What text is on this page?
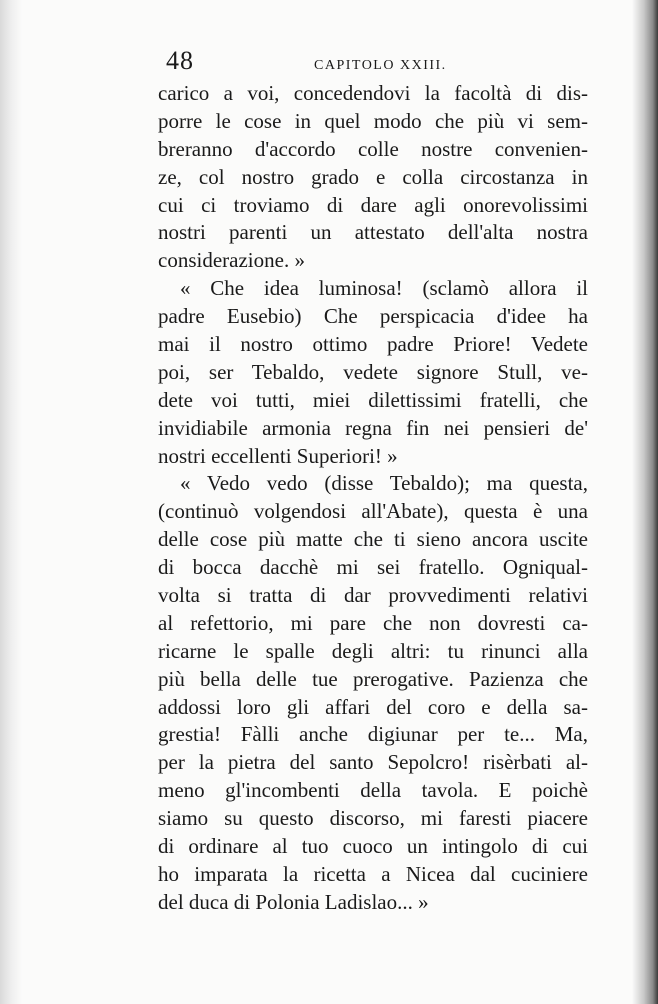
48	CAPITOLO XXIII.
carico a voi, concedendovi la facoltà di dis-
porre le cose in quel modo che più vi sem-
breranno d'accordo colle nostre convenien-
ze, col nostro grado e colla circostanza in
cui ci troviamo di dare agli onorevolissimi
nostri parenti un attestato dell'alta nostra
considerazione. »
« Che idea luminosa! (sclamò allora il
padre Eusebio) Che perspicacia d'idee ha
mai il nostro ottimo padre Priore! Vedete
poi, ser Tebaldo, vedete signore Stull, ve-
dete voi tutti, miei dilettissimi fratelli, che
invidiabile armonia regna fin nei pensieri de'
nostri eccellenti Superiori! »
« Vedo vedo (disse Tebaldo); ma questa,
(continuò volgendosi all'Abate), questa è una
delle cose più matte che ti sieno ancora uscite
di bocca dacchè mi sei fratello. Ogniqual-
volta si tratta di dar provvedimenti relativi
al refettorio, mi pare che non dovresti ca-
ricarne le spalle degli altri: tu rinunci alla
più bella delle tue prerogative. Pazienza che
addossi loro gli affari del coro e della sa-
grestia! Fàlli anche digiunar per te... Ma,
per la pietra del santo Sepolcro! risèrbati al-
meno gl'incombenti della tavola. E poichè
siamo su questo discorso, mi faresti piacere
di ordinare al tuo cuoco un intingolo di cui
ho imparata la ricetta a Nicea dal cuciniere
del duca di Polonia Ladislao... »
